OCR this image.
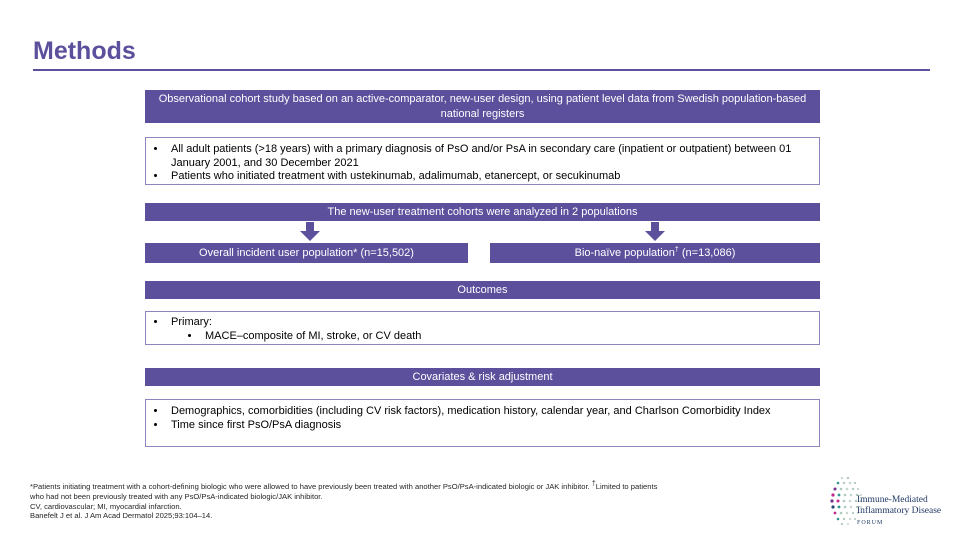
Methods
Observational cohort study based on an active-comparator, new-user design, using patient level data from Swedish population-based national registers
• All adult patients (>18 years) with a primary diagnosis of PsO and/or PsA in secondary care (inpatient or outpatient) between 01 January 2001, and 30 December 2021
• Patients who initiated treatment with ustekinumab, adalimumab, etanercept, or secukinumab
The new-user treatment cohorts were analyzed in 2 populations
Overall incident user population* (n=15,502)	Bio-naïve population† (n=13,086)
Outcomes
• Primary:
• MACE–composite of MI, stroke, or CV death
Covariates & risk adjustment
• Demographics, comorbidities (including CV risk factors), medication history, calendar year, and Charlson Comorbidity Index
• Time since first PsO/PsA diagnosis
*Patients initiating treatment with a cohort-defining biologic who were allowed to have previously been treated with another PsO/PsA-indicated biologic or JAK inhibitor. †Limited to patients
who had not been previously treated with any PsO/PsA-indicated biologic/JAK inhibitor.
CV, cardiovascular; MI, myocardial infarction.
Banefelt J et al. J Am Acad Dermatol 2025;93:104–14.
Immune-Mediated
Inflammatory Disease
FORUM
